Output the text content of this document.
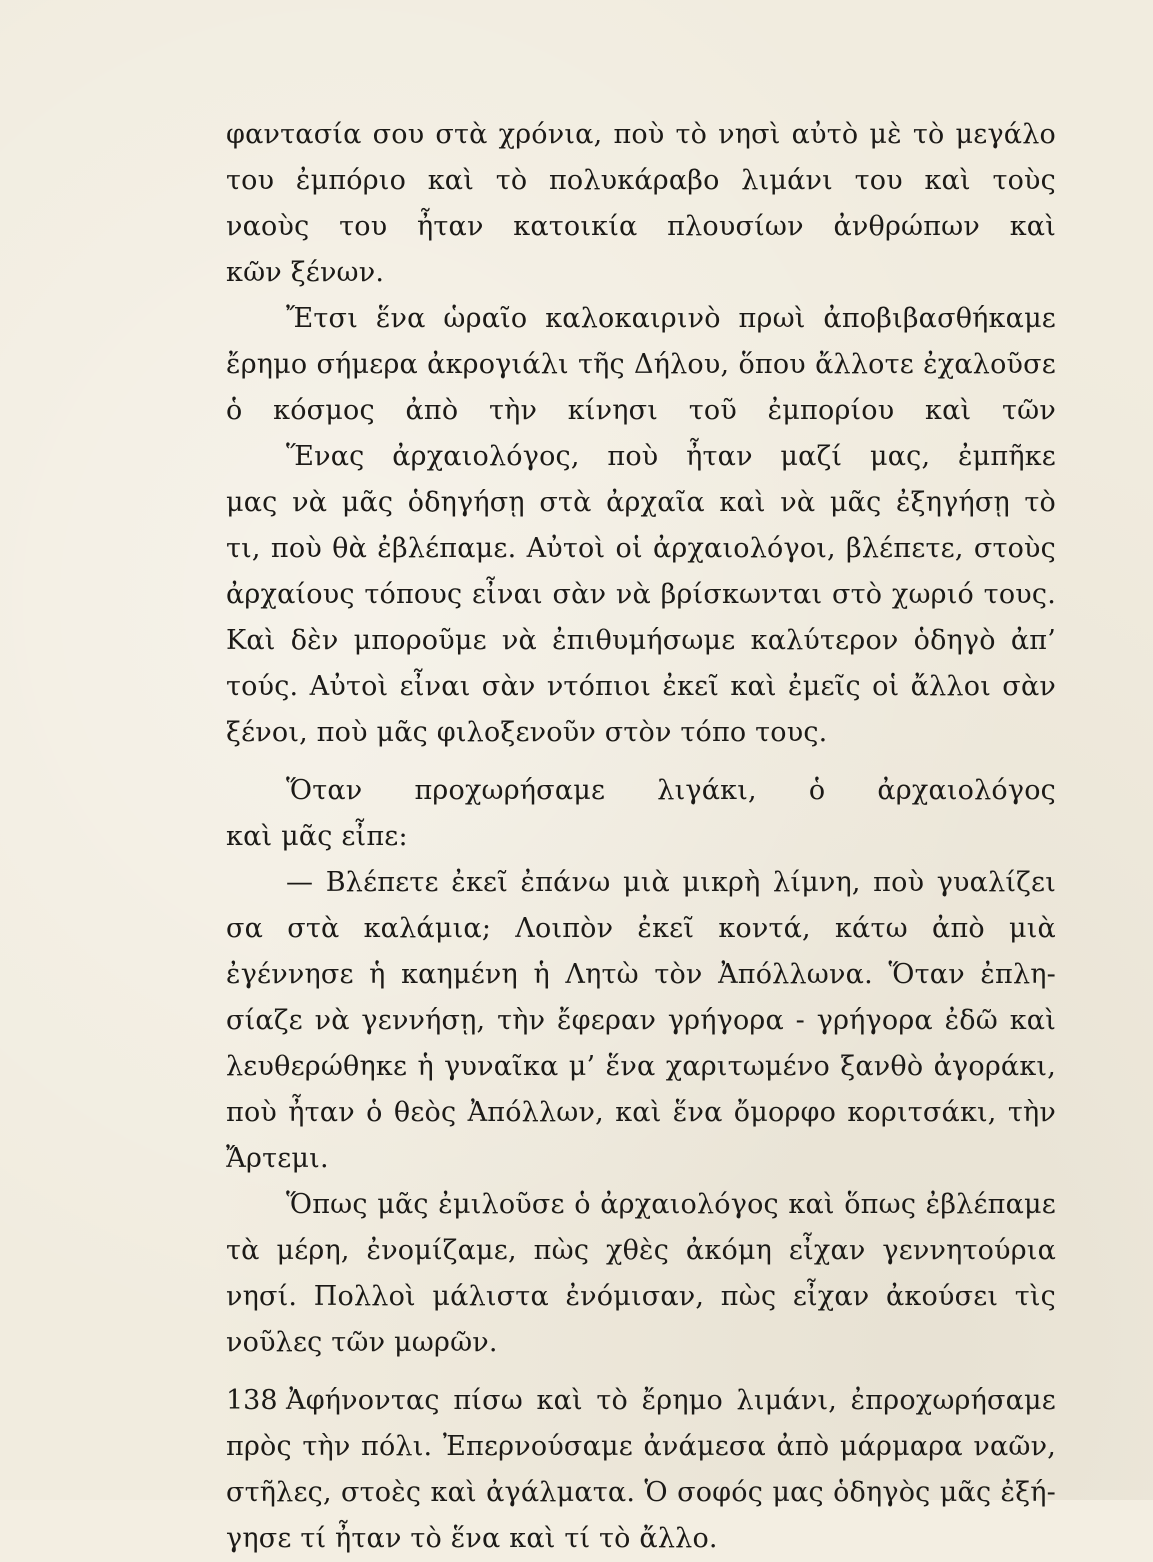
φαντασία σου στὰ χρόνια, ποὺ τὸ νησὶ αὐτὸ μὲ τὸ μεγάλο
του ἐμπόριο καὶ τὸ πολυκάραβο λιμάνι του καὶ τοὺς
ναοὺς του ἦταν κατοικία πλουσίων ἀνθρώπων καὶ
κῶν ξένων.
Ἔτσι ἕνα ὡραῖο καλοκαιρινὸ πρωὶ ἀποβιβασθήκαμε
ἔρημο σήμερα ἀκρογιάλι τῆς Δήλου, ὅπου ἄλλοτε ἐχαλοῦσε
ὁ κόσμος ἀπὸ τὴν κίνησι τοῦ ἐμπορίου καὶ τῶν
Ἕνας ἀρχαιολόγος, ποὺ ἦταν μαζί μας, ἐμπῆκε
μας νὰ μᾶς ὁδηγήσῃ στὰ ἀρχαῖα καὶ νὰ μᾶς ἐξηγήσῃ τὸ
τι, ποὺ θὰ ἐβλέπαμε. Αὐτοὶ οἱ ἀρχαιολόγοι, βλέπετε, στοὺς
ἀρχαίους τόπους εἶναι σὰν νὰ βρίσκωνται στὸ χωριό τους.
Καὶ δὲν μποροῦμε νὰ ἐπιθυμήσωμε καλύτερον ὁδηγὸ ἀπ’
τούς. Αὐτοὶ εἶναι σὰν ντόπιοι ἐκεῖ καὶ ἐμεῖς οἱ ἄλλοι σὰν
ξένοι, ποὺ μᾶς φιλοξενοῦν στὸν τόπο τους.
Ὅταν προχωρήσαμε λιγάκι, ὁ ἀρχαιολόγος
καὶ μᾶς εἶπε:
— Βλέπετε ἐκεῖ ἐπάνω μιὰ μικρὴ λίμνη, ποὺ γυαλίζει
σα στὰ καλάμια; Λοιπὸν ἐκεῖ κοντά, κάτω ἀπὸ μιὰ
ἐγέννησε ἡ καημένη ἡ Λητὼ τὸν Ἀπόλλωνα. Ὅταν ἐπλη-
σίαζε νὰ γεννήσῃ, τὴν ἔφεραν γρήγορα - γρήγορα ἐδῶ καὶ
λευθερώθηκε ἡ γυναῖκα μ’ ἕνα χαριτωμένο ξανθὸ ἀγοράκι,
ποὺ ἦταν ὁ θεὸς Ἀπόλλων, καὶ ἕνα ὄμορφο κοριτσάκι, τὴν
Ἄρτεμι.
Ὅπως μᾶς ἐμιλοῦσε ὁ ἀρχαιολόγος καὶ ὅπως ἐβλέπαμε
τὰ μέρη, ἐνομίζαμε, πὼς χθὲς ἀκόμη εἶχαν γεννητούρια
νησί. Πολλοὶ μάλιστα ἐνόμισαν, πὼς εἶχαν ἀκούσει τὶς
νοῦλες τῶν μωρῶν.
Ἀφήνοντας πίσω καὶ τὸ ἔρημο λιμάνι, ἐπροχωρήσαμε
πρὸς τὴν πόλι. Ἐπερνούσαμε ἀνάμεσα ἀπὸ μάρμαρα ναῶν,
στῆλες, στοὲς καὶ ἀγάλματα. Ὁ σοφός μας ὁδηγὸς μᾶς ἐξή-
γησε τί ἦταν τὸ ἕνα καὶ τί τὸ ἄλλο.
138
